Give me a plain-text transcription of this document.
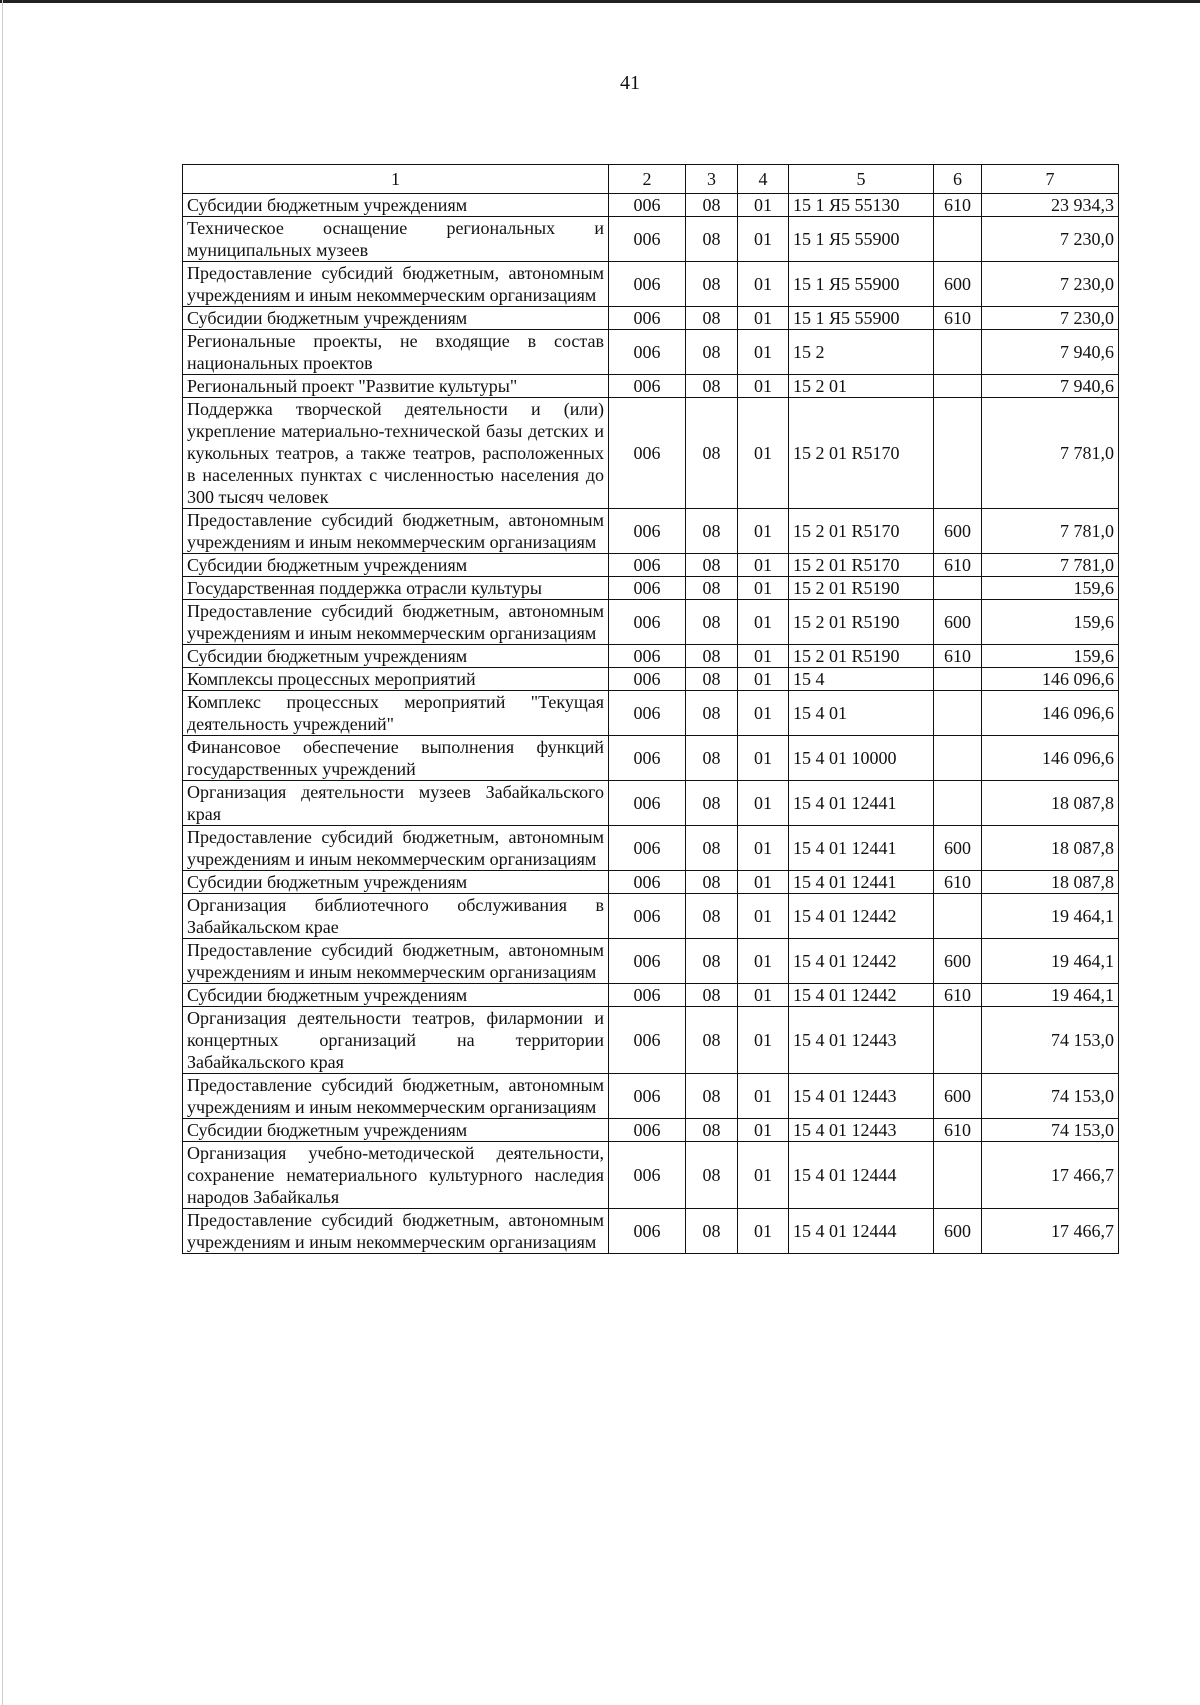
41
1	2	3	4	5	6	7
Субсидии бюджетным учреждениям	006	08	01	15 1 Я5 55130	610	23 934,3
Техническое оснащение региональных и муниципальных музеев	006	08	01	15 1 Я5 55900		7 230,0
Предоставление субсидий бюджетным, автономным учреждениям и иным некоммерческим организациям	006	08	01	15 1 Я5 55900	600	7 230,0
Субсидии бюджетным учреждениям	006	08	01	15 1 Я5 55900	610	7 230,0
Региональные проекты, не входящие в состав национальных проектов	006	08	01	15 2		7 940,6
Региональный проект "Развитие культуры"	006	08	01	15 2 01		7 940,6
Поддержка творческой деятельности и (или) укрепление материально-технической базы детских и кукольных театров, а также театров, расположенных в населенных пунктах с численностью населения до 300 тысяч человек	006	08	01	15 2 01 R5170		7 781,0
Предоставление субсидий бюджетным, автономным учреждениям и иным некоммерческим организациям	006	08	01	15 2 01 R5170	600	7 781,0
Субсидии бюджетным учреждениям	006	08	01	15 2 01 R5170	610	7 781,0
Государственная поддержка отрасли культуры	006	08	01	15 2 01 R5190		159,6
Предоставление субсидий бюджетным, автономным учреждениям и иным некоммерческим организациям	006	08	01	15 2 01 R5190	600	159,6
Субсидии бюджетным учреждениям	006	08	01	15 2 01 R5190	610	159,6
Комплексы процессных мероприятий	006	08	01	15 4		146 096,6
Комплекс процессных мероприятий "Текущая деятельность учреждений"	006	08	01	15 4 01		146 096,6
Финансовое обеспечение выполнения функций государственных учреждений	006	08	01	15 4 01 10000		146 096,6
Организация деятельности музеев Забайкальского края	006	08	01	15 4 01 12441		18 087,8
Предоставление субсидий бюджетным, автономным учреждениям и иным некоммерческим организациям	006	08	01	15 4 01 12441	600	18 087,8
Субсидии бюджетным учреждениям	006	08	01	15 4 01 12441	610	18 087,8
Организация библиотечного обслуживания в Забайкальском крае	006	08	01	15 4 01 12442		19 464,1
Предоставление субсидий бюджетным, автономным учреждениям и иным некоммерческим организациям	006	08	01	15 4 01 12442	600	19 464,1
Субсидии бюджетным учреждениям	006	08	01	15 4 01 12442	610	19 464,1
Организация деятельности театров, филармонии и концертных организаций на территории Забайкальского края	006	08	01	15 4 01 12443		74 153,0
Предоставление субсидий бюджетным, автономным учреждениям и иным некоммерческим организациям	006	08	01	15 4 01 12443	600	74 153,0
Субсидии бюджетным учреждениям	006	08	01	15 4 01 12443	610	74 153,0
Организация учебно-методической деятельности, сохранение нематериального культурного наследия народов Забайкалья	006	08	01	15 4 01 12444		17 466,7
Предоставление субсидий бюджетным, автономным учреждениям и иным некоммерческим организациям	006	08	01	15 4 01 12444	600	17 466,7
